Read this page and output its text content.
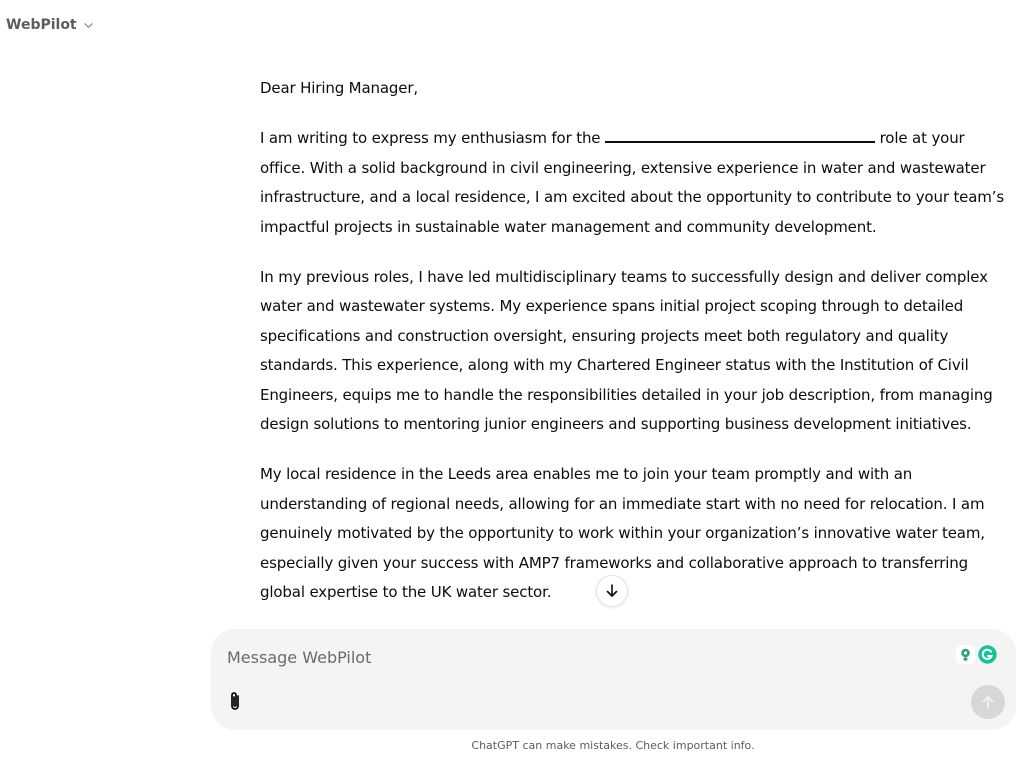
WebPilot

Dear Hiring Manager,

I am writing to express my enthusiasm for the	role at your office. With a solid background in civil engineering, extensive experience in water and wastewater infrastructure, and a local residence, I am excited about the opportunity to contribute to your team’s impactful projects in sustainable water management and community development.

In my previous roles, I have led multidisciplinary teams to successfully design and deliver complex water and wastewater systems. My experience spans initial project scoping through to detailed specifications and construction oversight, ensuring projects meet both regulatory and quality standards. This experience, along with my Chartered Engineer status with the Institution of Civil Engineers, equips me to handle the responsibilities detailed in your job description, from managing design solutions to mentoring junior engineers and supporting business development initiatives.

My local residence in the Leeds area enables me to join your team promptly and with an understanding of regional needs, allowing for an immediate start with no need for relocation. I am genuinely motivated by the opportunity to work within your organization’s innovative water team, especially given your success with AMP7 frameworks and collaborative approach to transferring global expertise to the UK water sector.

Message WebPilot
ChatGPT can make mistakes. Check important info.
